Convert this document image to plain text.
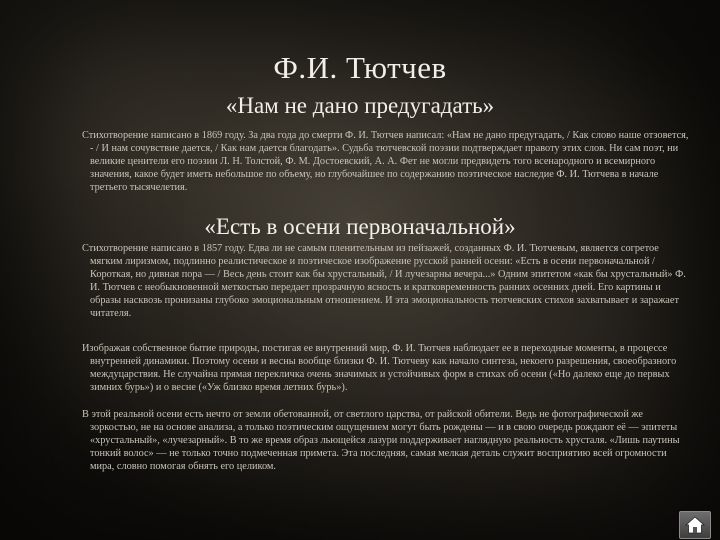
Ф.И. Тютчев
«Нам не дано предугадать»

Стихотворение написано в 1869 году. За два года до смерти Ф. И. Тютчев написал: «Нам не дано предугадать, / Как слово наше отзовется, - / И нам сочувствие дается, / Как нам дается благодать». Судьба тютчевской поэзии подтверждает правоту этих слов. Ни сам поэт, ни великие ценители его поэзии Л. Н. Толстой, Ф. М. Достоевский, А. А. Фет не могли предвидеть того всенародного и всемирного значения, какое будет иметь небольшое по объему, но глубочайшее по содержанию поэтическое наследие Ф. И. Тютчева в начале третьего тысячелетия.

«Есть в осени первоначальной»

Стихотворение написано в 1857 году. Едва ли не самым пленительным из пейзажей, созданных Ф. И. Тютчевым, является согретое мягким лиризмом, подлинно реалистическое и поэтическое изображение русской ранней осени: «Есть в осени первоначальной / Короткая, но дивная пора — / Весь день стоит как бы хрустальный, / И лучезарны вечера...» Одним эпитетом «как бы хрустальный» Ф. И. Тютчев с необыкновенной меткостью передает прозрачную ясность и кратковременность ранних осенних дней. Его картины и образы насквозь пронизаны глубоко эмоциональным отношением. И эта эмоциональность тютчевских стихов захватывает и заражает читателя.

Изображая собственное бытие природы, постигая ее внутренний мир, Ф. И. Тютчев наблюдает ее в переходные моменты, в процессе внутренней динамики. Поэтому осени и весны вообще близки Ф. И. Тютчеву как начало синтеза, некоего разрешения, своеобразного междуцарствия. Не случайна прямая перекличка очень значимых и устойчивых форм в стихах об осени («Но далеко еще до первых зимних бурь») и о весне («Уж близко время летних бурь»).

В этой реальной осени есть нечто от земли обетованной, от светлого царства, от райской обители. Ведь не фотографической же зоркостью, не на основе анализа, а только поэтическим ощущением могут быть рождены — и в свою очередь рождают её — эпитеты «хрустальный», «лучезарный». В то же время образ льющейся лазури поддерживает наглядную реальность хрусталя. «Лишь паутины тонкий волос» — не только точно подмеченная примета. Эта последняя, самая мелкая деталь служит восприятию всей огромности мира, словно помогая обнять его целиком.
